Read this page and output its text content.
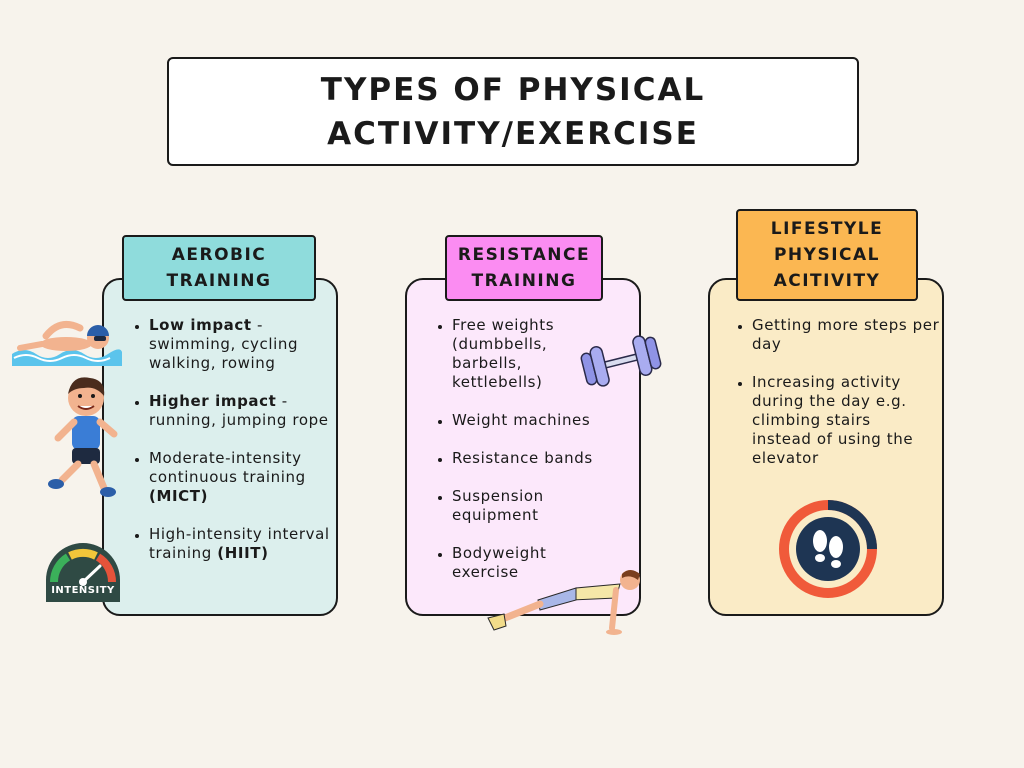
TYPES OF PHYSICAL
ACTIVITY/EXERCISE
AEROBIC
TRAINING
• Low impact - swimming, cycling walking, rowing
• Higher impact - running, jumping rope
• Moderate-intensity continuous training (MICT)
• High-intensity interval training (HIIT)
INTENSITY
RESISTANCE
TRAINING
• Free weights (dumbbells, barbells, kettlebells)
• Weight machines
• Resistance bands
• Suspension equipment
• Bodyweight exercise
LIFESTYLE
PHYSICAL
ACITIVITY
• Getting more steps per day
• Increasing activity during the day e.g. climbing stairs instead of using the elevator
